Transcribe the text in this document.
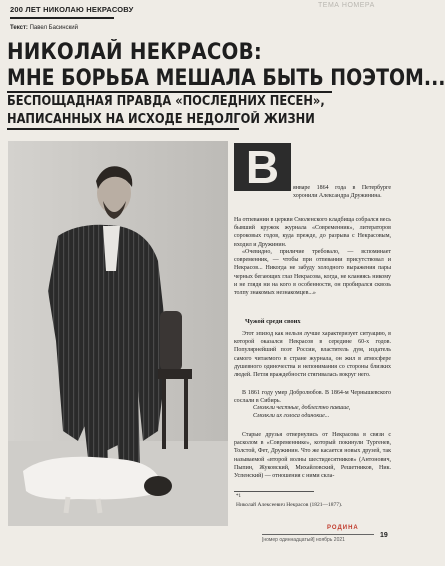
200 ЛЕТ НИКОЛАЮ НЕКРАСОВУ	ТЕМА НОМЕРА
Текст: Павел Басинский
НИКОЛАЙ НЕКРАСОВ:
МНЕ БОРЬБА МЕШАЛА БЫТЬ ПОЭТОМ...
БЕСПОЩАДНАЯ ПРАВДА «ПОСЛЕДНИХ ПЕСЕН»,
НАПИСАННЫХ НА ИСХОДЕ НЕДОЛГОЙ ЖИЗНИ
В	январе 1864 года в Петербурге хоронили Александра Дружинина.
На отпевании в церкви Смоленского кладбища собрался весь бывший кружок журнала «Современник», литераторов сороковых годов, куда прежде, до разрыва с Некрасовым, входил и Дружинин.
«Очевидно, приличие требовало, — вспоминает современник, — чтобы при отпевании присутствовал и Некрасов... Никогда не забуду холодного выражения пары черных бегающих глаз Некрасова, когда, не кланяясь никому и не глядя ни на кого в особенности, он пробирался сквозь толпу знакомых незнакомцев...»
Чужой среди своих
Этот эпизод как нельзя лучше характеризует ситуацию, в которой оказался Некрасов в середине 60-х годов. Популярнейший поэт России, властитель дум, издатель самого читаемого в стране журнала, он жил в атмосфере душевного одиночества и непонимания со стороны близких людей. Петля враждебности стягивалась вокруг него.
В 1861 году умер Добролюбов. В 1864-м Чернышевского сослали в Сибирь.
Смолкли честные, доблестно павшие,
Смолкли их голоса одинокие...
Старые друзья отвернулись от Некрасова в связи с расколом в «Современнике», который покинули Тургенев, Толстой, Фет, Дружинин. Что же касается новых друзей, так называемой «второй волны шестидесятников» (Антонович, Пыпин, Жуковский, Михайловский, Решетников, Ник. Успенский) — отношения с ними скла-
*1
Николай Алексеевич Некрасов (1821—1877).
РОДИНА
[номер одиннадцатый] ноябрь 2021
19
